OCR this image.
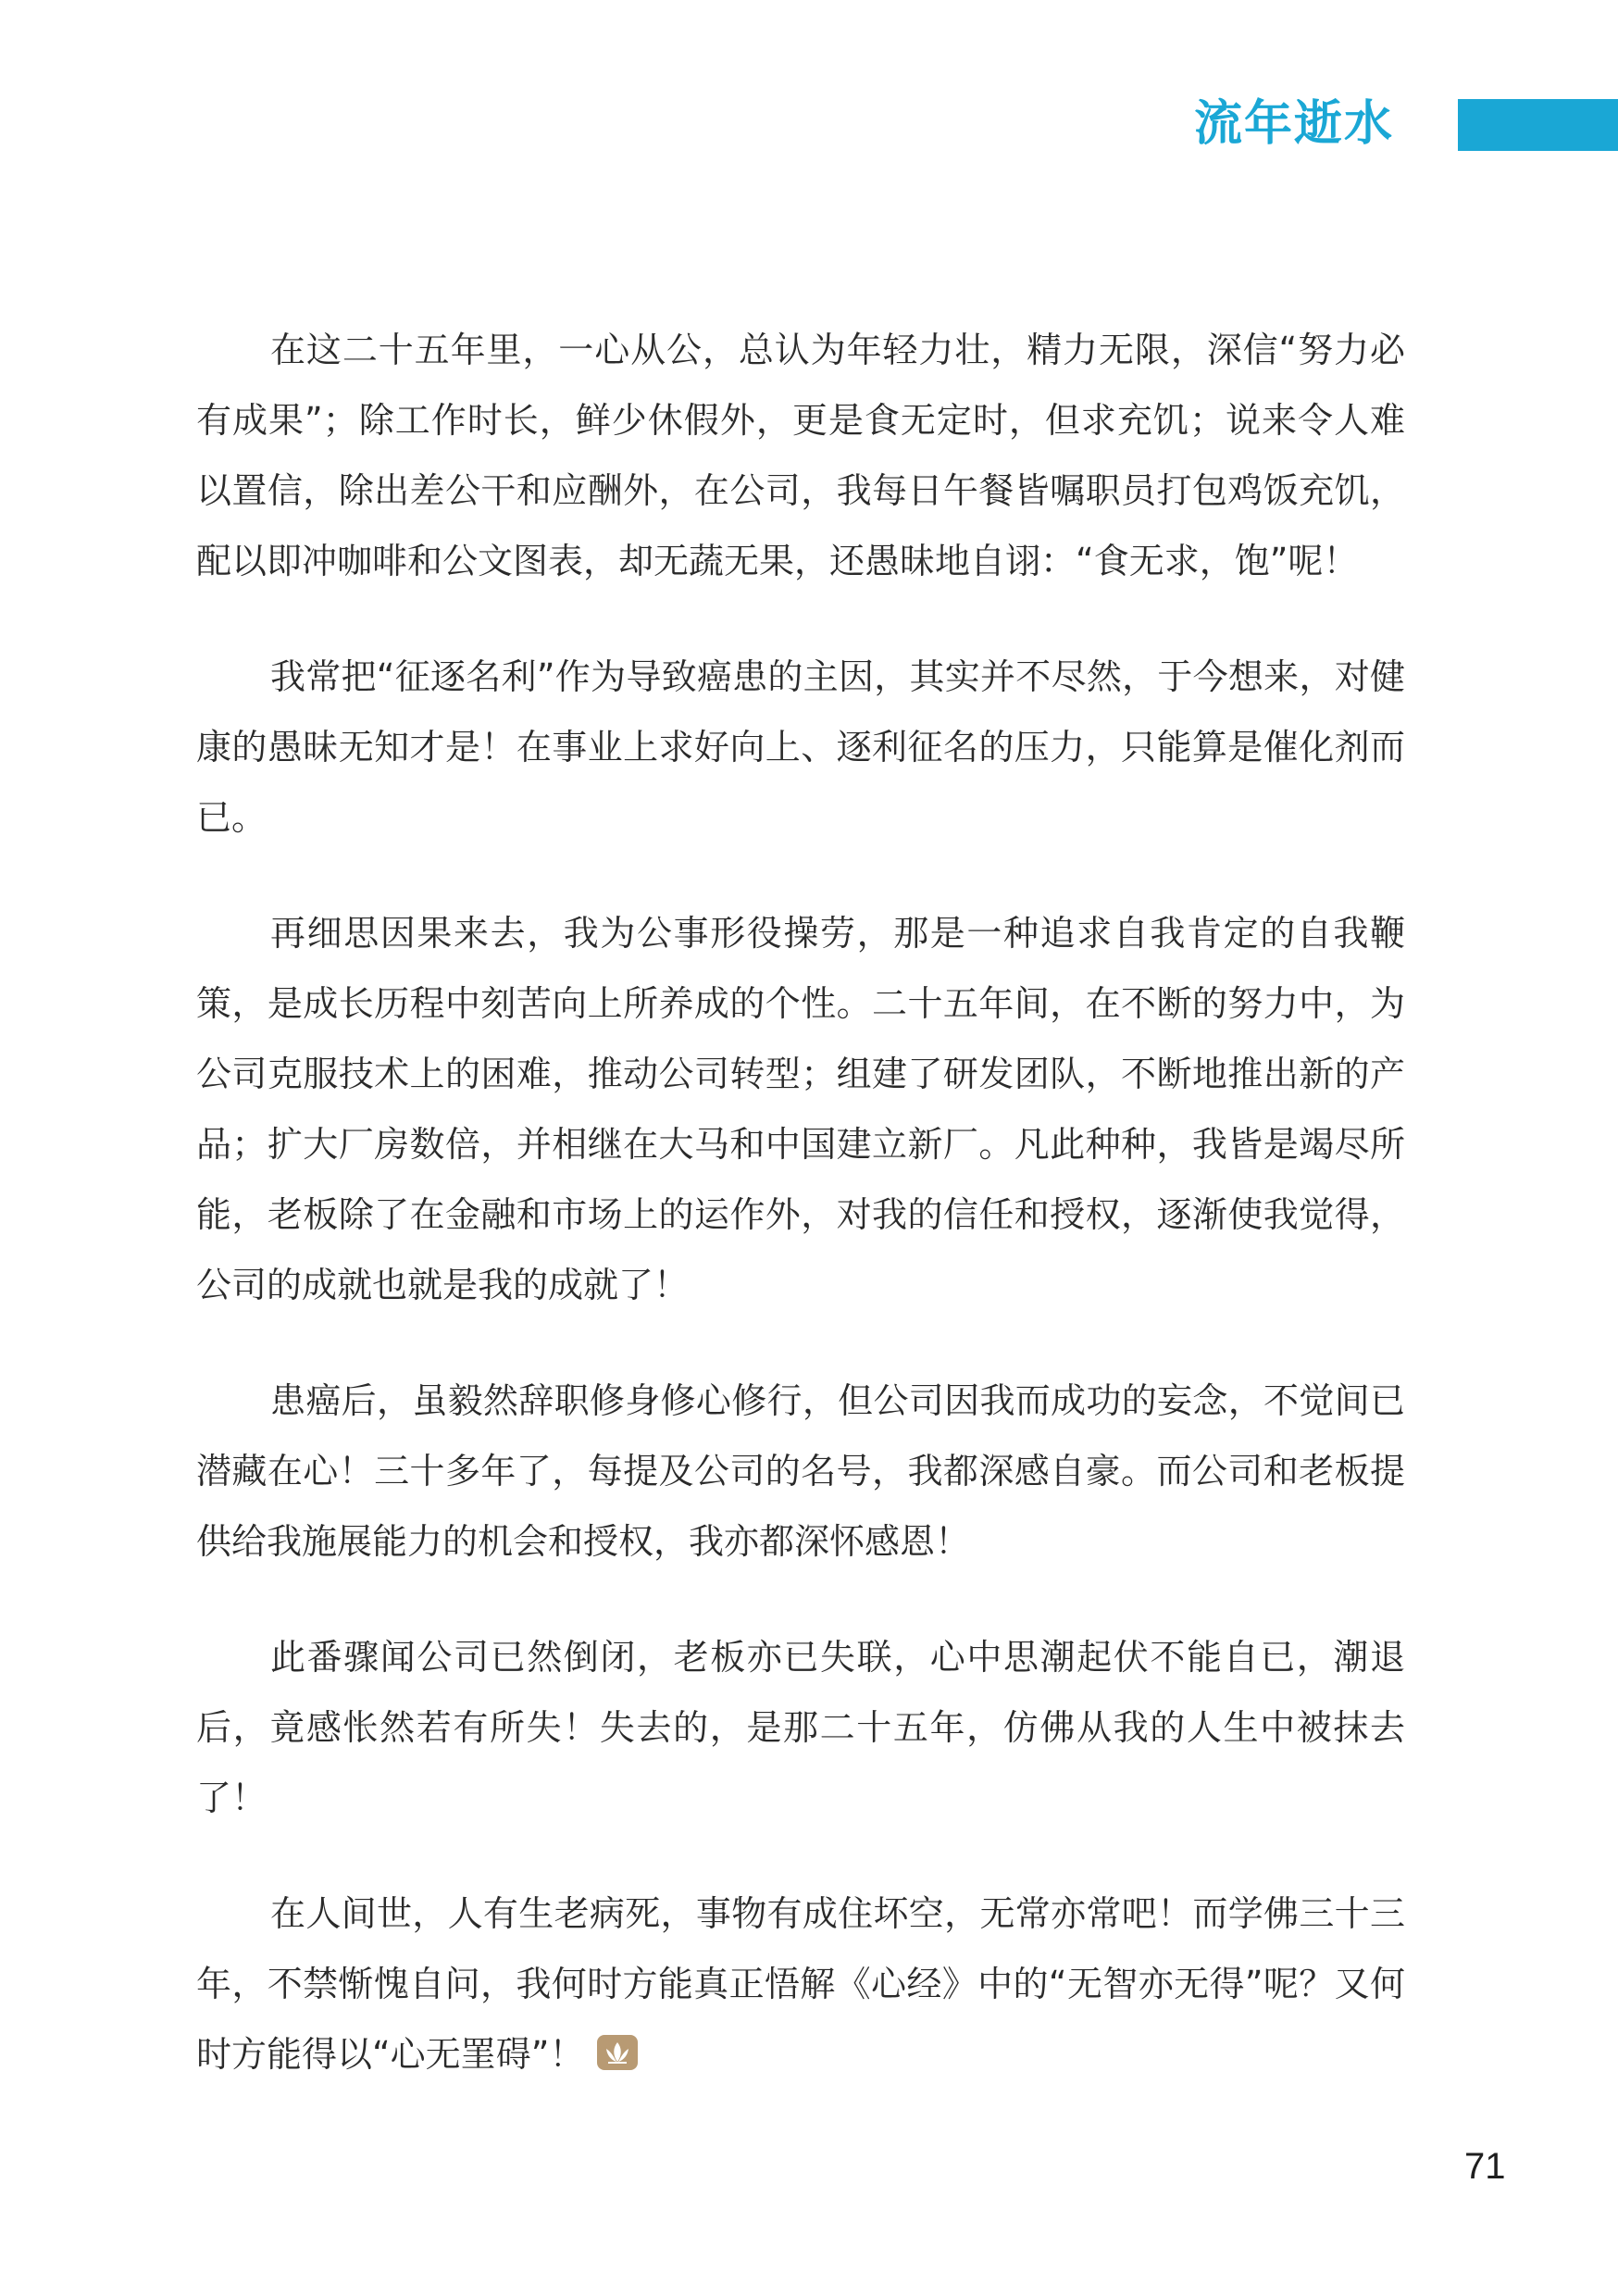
流年逝水

在这二十五年里，一心从公，总认为年轻力壮，精力无限，深信“努力必有成果”；除工作时长，鲜少休假外，更是食无定时，但求充饥；说来令人难以置信，除出差公干和应酬外，在公司，我每日午餐皆嘱职员打包鸡饭充饥，配以即冲咖啡和公文图表，却无蔬无果，还愚昧地自诩：“食无求，饱”呢！

我常把“征逐名利”作为导致癌患的主因，其实并不尽然，于今想来，对健康的愚昧无知才是！在事业上求好向上、逐利征名的压力，只能算是催化剂而已。

再细思因果来去，我为公事形役操劳，那是一种追求自我肯定的自我鞭策，是成长历程中刻苦向上所养成的个性。二十五年间，在不断的努力中，为公司克服技术上的困难，推动公司转型；组建了研发团队，不断地推出新的产品；扩大厂房数倍，并相继在大马和中国建立新厂。凡此种种，我皆是竭尽所能，老板除了在金融和市场上的运作外，对我的信任和授权，逐渐使我觉得，公司的成就也就是我的成就了！

患癌后，虽毅然辞职修身修心修行，但公司因我而成功的妄念，不觉间已潜藏在心！三十多年了，每提及公司的名号，我都深感自豪。而公司和老板提供给我施展能力的机会和授权，我亦都深怀感恩！

此番骤闻公司已然倒闭，老板亦已失联，心中思潮起伏不能自已，潮退后，竟感怅然若有所失！失去的，是那二十五年，仿佛从我的人生中被抹去了！

在人间世，人有生老病死，事物有成住坏空，无常亦常吧！而学佛三十三年，不禁惭愧自问，我何时方能真正悟解《心经》中的“无智亦无得”呢？又何时方能得以“心无罣碍”！

71
